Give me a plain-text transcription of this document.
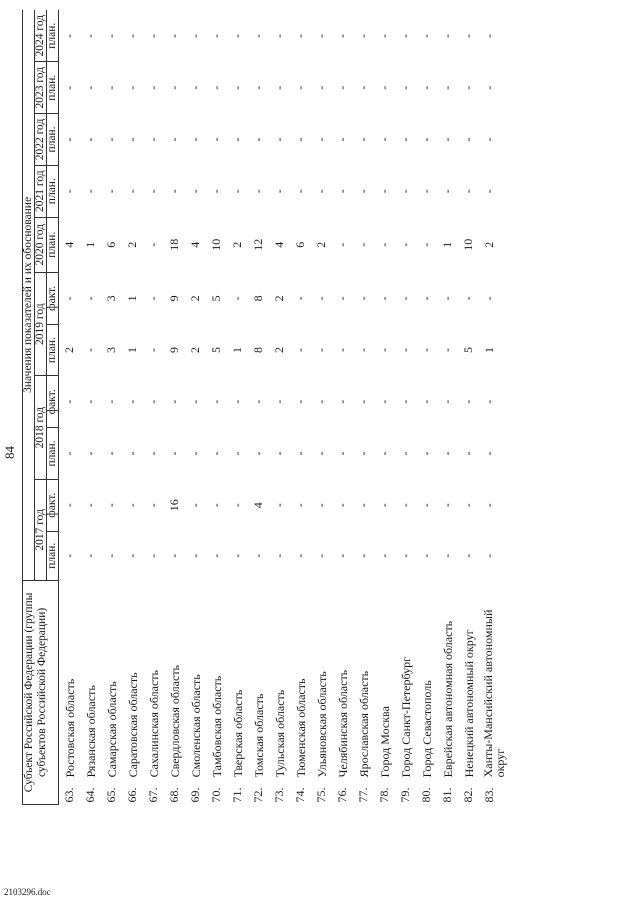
84
Субъект Российской Федерации (группы субъектов Российской Федерации)		Значения показателей и их обоснование										
		2017 год		2018 год		2019 год		2020 год	2021 год	2022 год	2023 год	2024 год
		план.	факт.	план.	факт.	план.	факт.	план.	план.	план.	план.	план.
63.	Ростовская область	-	-	-	-	2	-	4	-	-	-	-
64.	Рязанская область	-	-	-	-	-	-	1	-	-	-	-
65.	Самарская область	-	-	-	-	3	3	6	-	-	-	-
66.	Саратовская область	-	-	-	-	1	1	2	-	-	-	-
67.	Сахалинская область	-	-	-	-	-	-	-	-	-	-	-
68.	Свердловская область	-	16	-	-	9	9	18	-	-	-	-
69.	Смоленская область	-	-	-	-	2	2	4	-	-	-	-
70.	Тамбовская область	-	-	-	-	5	5	10	-	-	-	-
71.	Тверская область	-	-	-	-	1	-	2	-	-	-	-
72.	Томская область	-	4	-	-	8	8	12	-	-	-	-
73.	Тульская область	-	-	-	-	2	2	4	-	-	-	-
74.	Тюменская область	-	-	-	-	-	-	6	-	-	-	-
75.	Ульяновская область	-	-	-	-	-	-	2	-	-	-	-
76.	Челябинская область	-	-	-	-	-	-	-	-	-	-	-
77.	Ярославская область	-	-	-	-	-	-	-	-	-	-	-
78.	Город Москва	-	-	-	-	-	-	-	-	-	-	-
79.	Город Санкт-Петербург	-	-	-	-	-	-	-	-	-	-	-
80.	Город Севастополь	-	-	-	-	-	-	-	-	-	-	-
81.	Еврейская автономная область	-	-	-	-	-	-	1	-	-	-	-
82.	Ненецкий автономный округ	-	-	-	-	5	-	10	-	-	-	-
83.	Ханты-Мансийский автономный округ	-	-	-	-	1	-	2	-	-	-	-
2103296.doc
